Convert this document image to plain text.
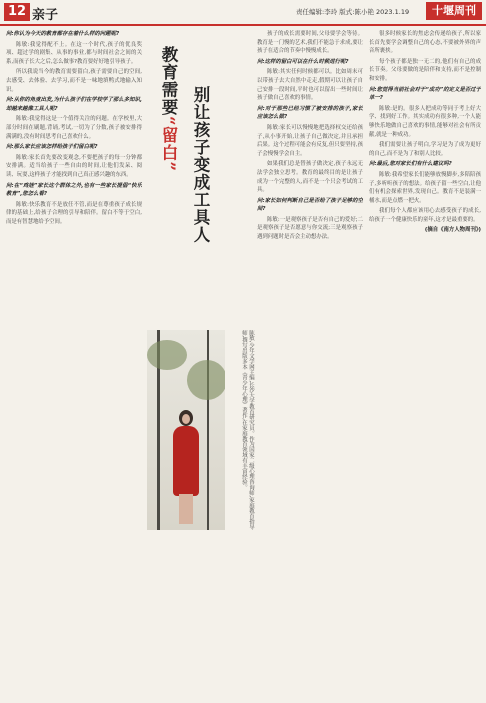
12 亲子	责任编辑:李玲 版式:陈小艳 2023.1.19	十堰周刊

问:你认为今天的教育都存在着什么样的问题呢?

陈敏:我觉得配不上。在这一个时代,孩子的优良奖项、超过学的剧集、从事的事业,都与时间社会之间的关系,而孩子长大之后,怎么做事?教育要好好地引导孩子。

所以我说当今的教育需要留白,孩子需要自己的空间,去感受、去体验、去学习,而不是一味地填鸭式地输入知识。

问:从你的角度出发,为什么孩子们在学校学了那么多知识,却越来越像工具人呢?

陈敏:我觉得这是一个值得关注的问题。在学校里,大部分时间在刷题,背诵,考试,一切为了分数,孩子被安排得满满的,没有时间思考自己喜欢什么。

问:那么家长应该怎样给孩子们留白呢?

陈敏:家长首先要改变观念,不要把孩子的每一分钟都安排满。适当给孩子一些自由的时间,让他们发呆、阅读、玩耍,这样孩子才能找到自己真正感兴趣的东西。

问:在“鸡娃”家长这个群体之外,也有一些家长提倡“快乐教育”,您怎么看?

陈敏:快乐教育不是放任不管,而是在尊重孩子成长规律的基础上,给孩子合理的引导和陪伴。留白不等于空白,而是有智慧地给予空间。

教育需要“留白” 别让孩子变成工具人
陈敏,少年文学网主编,长沙大学教育研究员。作为国家二级心理咨询师,家庭教育指导师,撰写出版多本《青少年心理》著作,在家庭教育领域有丰富经验。

孩子的成长需要时间,父母要学会等待。教育是一门慢的艺术,我们不能急于求成,要让孩子在适合的节奏中慢慢成长。

问:这样的留白可以在什么时候进行呢?

陈敏:其实任何时候都可以。比如周末可以带孩子去大自然中走走,假期可以让孩子自己安排一段时间,平时也可以留出一些时间让孩子做自己喜欢的事情。

问:对于那些已经习惯了被安排的孩子,家长应该怎么做?

陈敏:家长可以慢慢地把选择权交还给孩子,从小事开始,让孩子自己做决定,并且承担后果。这个过程可能会有反复,但只要坚持,孩子会慢慢学会自主。

如果我们总是替孩子做决定,孩子永远无法学会独立思考。教育的最终目的是让孩子成为一个完整的人,而不是一个只会考试的工具。

问:家长如何判断自己是否给了孩子足够的空间?

陈敏:一是观察孩子是否有自己的爱好;二是观察孩子是否愿意与你交流;三是观察孩子遇到问题时是否会主动想办法。

很多时候家长的焦虑会传递给孩子,所以家长首先要学会调整自己的心态,不要被外界的声音所裹挟。

每个孩子都是独一无二的,他们有自己的成长节奏。父母要做的是陪伴和支持,而不是控制和安排。

问:您觉得当前社会对于“成功”的定义是否过于单一?

陈敏:是的。很多人把成功等同于考上好大学、找到好工作。其实成功有很多种,一个人能够快乐地做自己喜欢的事情,能够对社会有所贡献,就是一种成功。

我们需要让孩子明白,学习是为了成为更好的自己,而不是为了和别人比较。

问:最后,您对家长们有什么建议吗?

陈敏:我希望家长们能够放慢脚步,多陪陪孩子,多听听孩子的想法。给孩子留一些空白,让他们有机会探索世界,发现自己。教育不是装满一桶水,而是点燃一把火。

我们每个人都应该用心去感受孩子的成长,给孩子一个健康快乐的童年,这才是最重要的。

(摘自《南方人物周刊》)
